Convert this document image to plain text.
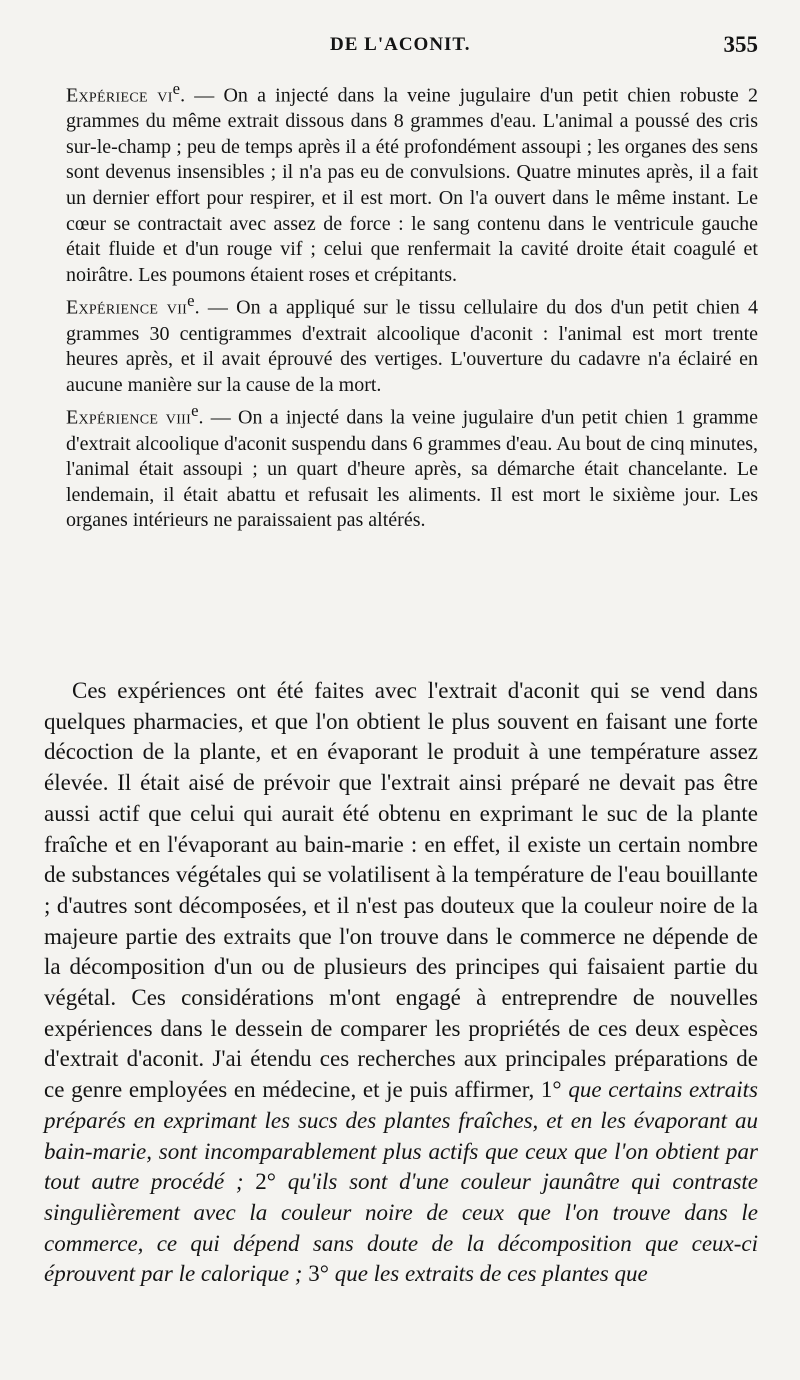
DE L'ACONIT.	355

Expériece $vi^e$. — On a injecté dans la veine jugulaire d'un petit chien robuste 2 grammes du même extrait dissous dans 8 grammes d'eau. L'animal a poussé des cris sur-le-champ ; peu de temps après il a été profondément assoupi ; les organes des sens sont devenus insensibles ; il n'a pas eu de convulsions. Quatre minutes après, il a fait un dernier effort pour respirer, et il est mort. On l'a ouvert dans le même instant. Le cœur se contractait avec assez de force : le sang contenu dans le ventricule gauche était fluide et d'un rouge vif ; celui que renfermait la cavité droite était coagulé et noirâtre. Les poumons étaient roses et crépitants.

Expérience vii$^e$. — On a appliqué sur le tissu cellulaire du dos d'un petit chien 4 grammes 30 centigrammes d'extrait alcoolique d'aconit : l'animal est mort trente heures après, et il avait éprouvé des vertiges. L'ouverture du cadavre n'a éclairé en aucune manière sur la cause de la mort.

Expérience viii$^e$. — On a injecté dans la veine jugulaire d'un petit chien 1 gramme d'extrait alcoolique d'aconit suspendu dans 6 grammes d'eau. Au bout de cinq minutes, l'animal était assoupi ; un quart d'heure après, sa démarche était chancelante. Le lendemain, il était abattu et refusait les aliments. Il est mort le sixième jour. Les organes intérieurs ne paraissaient pas altérés.

Ces expériences ont été faites avec l'extrait d'aconit qui se vend dans quelques pharmacies, et que l'on obtient le plus souvent en faisant une forte décoction de la plante, et en évaporant le produit à une température assez élevée. Il était aisé de prévoir que l'extrait ainsi préparé ne devait pas être aussi actif que celui qui aurait été obtenu en exprimant le suc de la plante fraîche et en l'évaporant au bain-marie : en effet, il existe un certain nombre de substances végétales qui se volatilisent à la température de l'eau bouillante ; d'autres sont décomposées, et il n'est pas douteux que la couleur noire de la majeure partie des extraits que l'on trouve dans le commerce ne dépende de la décomposition d'un ou de plusieurs des principes qui faisaient partie du végétal. Ces considérations m'ont engagé à entreprendre de nouvelles expériences dans le dessein de comparer les propriétés de ces deux espèces d'extrait d'aconit. J'ai étendu ces recherches aux principales préparations de ce genre employées en médecine, et je puis affirmer, 1° que certains extraits préparés en exprimant les sucs des plantes fraîches, et en les évaporant au bain-marie, sont incomparablement plus actifs que ceux que l'on obtient par tout autre procédé ; 2° qu'ils sont d'une couleur jaunâtre qui contraste singulièrement avec la couleur noire de ceux que l'on trouve dans le commerce, ce qui dépend sans doute de la décomposition que ceux-ci éprouvent par le calorique ; 3° que les extraits de ces plantes que
